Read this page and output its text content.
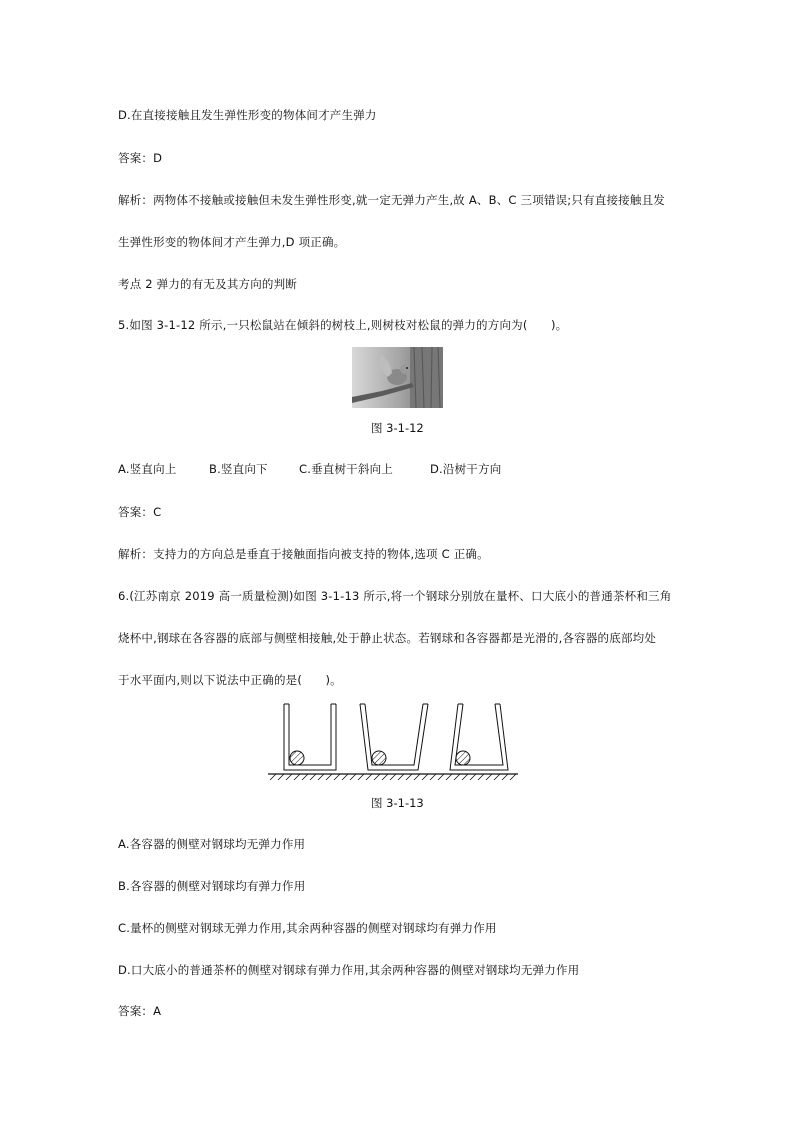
D.在直接接触且发生弹性形变的物体间才产生弹力
答案：D
解析：两物体不接触或接触但未发生弹性形变,就一定无弹力产生,故 A、B、C 三项错误;只有直接接触且发
生弹性形变的物体间才产生弹力,D 项正确。
考点 2 弹力的有无及其方向的判断
5.如图 3-1-12 所示,一只松鼠站在倾斜的树枝上,则树枝对松鼠的弹力的方向为(　　)。
图 3-1-12
A.竖直向上	B.竖直向下	C.垂直树干斜向上	D.沿树干方向
答案：C
解析：支持力的方向总是垂直于接触面指向被支持的物体,选项 C 正确。
6.(江苏南京 2019 高一质量检测)如图 3-1-13 所示,将一个钢球分别放在量杯、口大底小的普通茶杯和三角
烧杯中,钢球在各容器的底部与侧壁相接触,处于静止状态。若钢球和各容器都是光滑的,各容器的底部均处
于水平面内,则以下说法中正确的是(　　)。
图 3-1-13
A.各容器的侧壁对钢球均无弹力作用
B.各容器的侧壁对钢球均有弹力作用
C.量杯的侧壁对钢球无弹力作用,其余两种容器的侧壁对钢球均有弹力作用
D.口大底小的普通茶杯的侧壁对钢球有弹力作用,其余两种容器的侧壁对钢球均无弹力作用
答案：A
